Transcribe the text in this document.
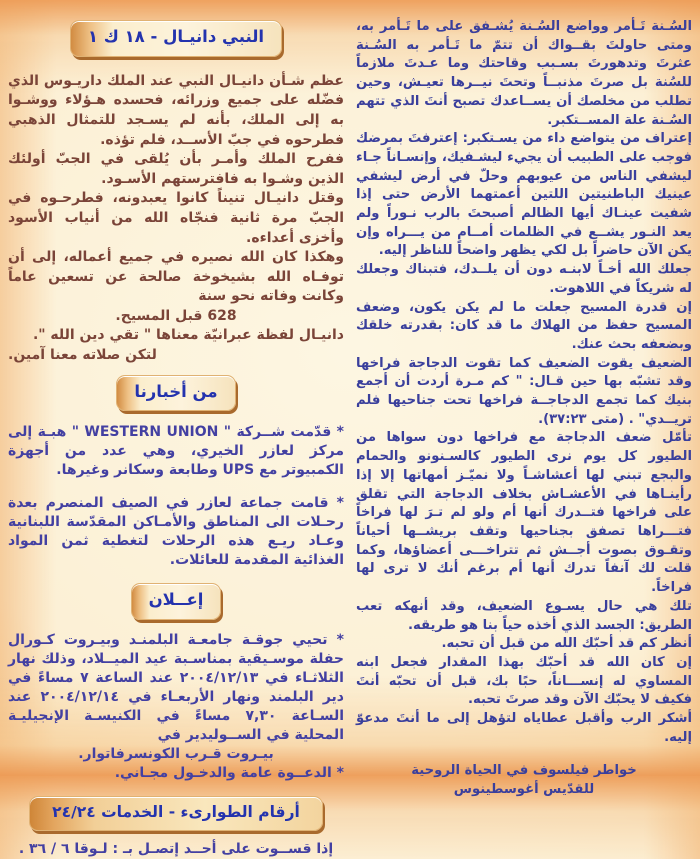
السُـنة تَـأمر وواضع السُـنة يُشـفق على ما تَـأمر به، ومتى حاولتَ بقــواك أن تتمّ ما تَـأمر به السُـنة عثرتَ وتدهورتَ بسـبب وقاحتك وما عـدتَ ملازماً للسُنة بل صرتَ مذنبــاً وتحتَ نيــرها تعيـش، وحين تطلب من مخلصك أن يســاعدك تصبح أنتَ الذي تتهم السُـنة علة المســتكبر.

إعتراف من يتواضع داء من يسـتكبر: إعترفتَ بمرضك فوجب على الطبيب أن يجيء ليشـفيك، وإنسـاناً جـاء ليشفي الناس من عيوبهم وحلّ في أرض ليشفي عينيك الباطنيتين اللتين أعمتهما الأرض حتى إذا شفيت عينـاك أيها الظالم أصبحتَ بالرب نـوراً ولم يعد النـور يشــع في الظلمات أمــام من يـــراه وإن يكن الآن حاضراً بل لكي يظهر واضحاً للناظر إليه.

جعلك الله أخـاً لابنـه دون أن يلــدك، فتبناك وجعلك له شريكاً في اللاهوت.

إن قدرة المسيح جعلت ما لم يكن يكون، وضعف المسيح حفظ من الهلاك ما قد كان: بقدرته خلقك وبضعفه بحث عنك.

الضعيف يقوت الضعيف كما تقوت الدجاجة فراخها وقد تشبّه بها حين قـال: " كم مـرة أردت أن أجمع بنيك كما تجمع الدجاجــة فراخها تحت جناحيها فلم تريــدي" . (متى ٣٧:٢٣).

تأمّل ضعف الدجاجة مع فراخها دون سواها من الطيور كل يوم نرى الطيور كالسـنونو والحمام والبجع تبني لها أعشاشـاً ولا نميّـز أمهاتها إلا إذا رأينـاها في الأعشـاش بخلاف الدجاجة التي تقلق على فراخها فتــدرك أنها أم ولو لم تـرَ لها فراخاً فتـــراها تصفق بجناحيها وتقف بريشــها أحياناً وتقـوق بصوت أجــش ثم تتراخـــى أعضاؤها، وكما قلت لك آنفاً تدرك أنها أم برغم أنك لا ترى لها فراخاً.

تلك هي حال يسـوع الضعيف، وقد أنهكه تعب الطريق: الجسد الذي أخذه حياً بنا هو طريقه.

أنظر كم قد أحبّك الله من قبل أن تحبه.

إن كان الله قد أحبّك بهذا المقدار فجعل ابنه المساوي له إنســـاناً، حبًا بك، قبل أن تحبّه أنتَ فكيف لا يحبّك الآن وقد صرتَ تحبه.

أشكر الرب وأقبل عطاياه لتؤهل إلى ما أنتَ مدعوّ إليه.

خواطر فيلسوف في الحياة الروحية

للقدّيس أغوسطينوس

النبي دانيـال - ١٨ ك ١

عظم شـأن دانيـال النبي عند الملك داريـوس الذي فضّله على جميع وزرائه، فحسده هـؤلاء ووشـوا به إلى الملك، بأنه لم يسـجد للتمثال الذهبي فطرحوه في جبّ الأســد، فلم تؤذه.

ففرح الملك وأمـر بأن يُلقى في الجبّ أولئك الذين وشـوا به فافترستهم الأسـود.

وقتل دانيـال تنيناً كانوا يعبدونه، فطرحـوه في الجبّ مرة ثانية فنجّاه الله من أنياب الأسود وأخزى أعداءه.

وهكذا كان الله نصيره في جميع أعماله، إلى أن توفـاه الله بشيخوخة صالحة عن تسعين عاماً وكانت وفاته نحو سنة

628 قبل المسيح.

دانيـال لفظة عبرانيّة معناها " تقي دين الله ".

لتكن صلاته معنا آمين.

من أخبارنا

* قدّمت شــركة " WESTERN UNION " هبـة إلى مركز لعازر الخيري، وهي عدد من أجهزة الكمبيوتر مع UPS وطابعة وسكانر وغيرها.

* قامت جماعة لعازر في الصيف المنصرم بعدة رحـلات الى المناطق والأمـاكن المقدّسة اللبنانية وعـاد ريـع هذه الرحلات لتغطية ثمن المواد الغذائية المقدمة للعائلات.

إعــلان

* تحيي جوقـة جامعـة البلمنـد وبيـروت كـورال حفلة موسـيقية بمناسـبة عيد الميــلاد، وذلك نهار الثلاثـاء في ٢٠٠٤/١٢/١٣ عند الساعة ٧ مساءً في دير البلمند ونهار الأربعـاء في ٢٠٠٤/١٢/١٤ عند السـاعة ٧,٣٠ مساءً في الكنيسـة الإنجيليـة المحلية في الســوليدير في

بيـروت قـرب الكونسرفاتوار.

* الدعــوة عامة والدخـول مجـاني.

أرقام الطوارىء - الخدمات ٢٤/٢٤

إذا قســوت على أحــد إتصـل بـ : لـوقا ٦ / ٣٦ .
